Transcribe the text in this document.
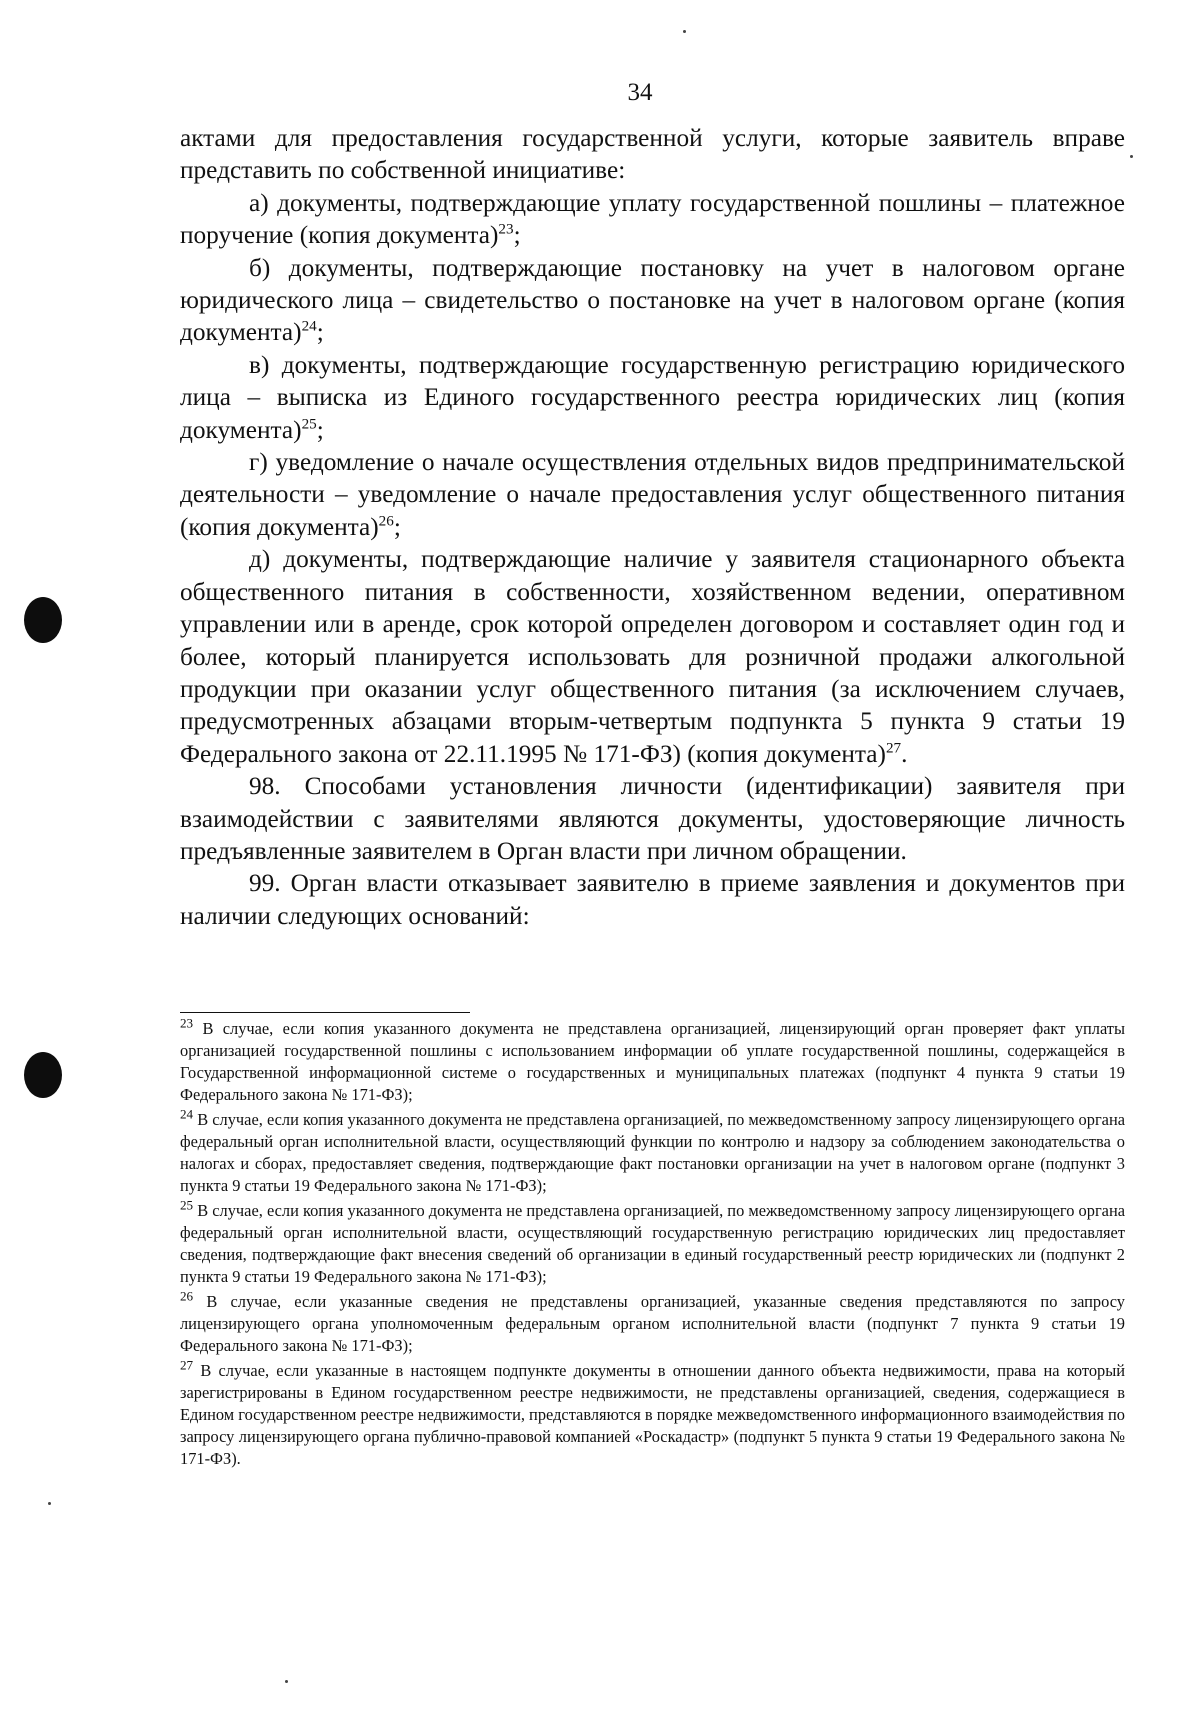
34

актами для предоставления государственной услуги, которые заявитель вправе представить по собственной инициативе:

а) документы, подтверждающие уплату государственной пошлины – платежное поручение (копия документа)$^{23}$;

б) документы, подтверждающие постановку на учет в налоговом органе юридического лица – свидетельство о постановке на учет в налоговом органе (копия документа)$^{24}$;

в) документы, подтверждающие государственную регистрацию юридического лица – выписка из Единого государственного реестра юридических лиц (копия документа)$^{25}$;

г) уведомление о начале осуществления отдельных видов предпринимательской деятельности – уведомление о начале предоставления услуг общественного питания (копия документа)$^{26}$;

д) документы, подтверждающие наличие у заявителя стационарного объекта общественного питания в собственности, хозяйственном ведении, оперативном управлении или в аренде, срок которой определен договором и составляет один год и более, который планируется использовать для розничной продажи алкогольной продукции при оказании услуг общественного питания (за исключением случаев, предусмотренных абзацами вторым-четвертым подпункта 5 пункта 9 статьи 19 Федерального закона от 22.11.1995 № 171-ФЗ) (копия документа)$^{27}$.

98. Способами установления личности (идентификации) заявителя при взаимодействии с заявителями являются документы, удостоверяющие личность предъявленные заявителем в Орган власти при личном обращении.

99. Орган власти отказывает заявителю в приеме заявления и документов при наличии следующих оснований:

$^{23}$ В случае, если копия указанного документа не представлена организацией, лицензирующий орган проверяет факт уплаты организацией государственной пошлины с использованием информации об уплате государственной пошлины, содержащейся в Государственной информационной системе о государственных и муниципальных платежах (подпункт 4 пункта 9 статьи 19 Федерального закона № 171-ФЗ);

$^{24}$ В случае, если копия указанного документа не представлена организацией, по межведомственному запросу лицензирующего органа федеральный орган исполнительной власти, осуществляющий функции по контролю и надзору за соблюдением законодательства о налогах и сборах, предоставляет сведения, подтверждающие факт постановки организации на учет в налоговом органе (подпункт 3 пункта 9 статьи 19 Федерального закона № 171-ФЗ);

$^{25}$ В случае, если копия указанного документа не представлена организацией, по межведомственному запросу лицензирующего органа федеральный орган исполнительной власти, осуществляющий государственную регистрацию юридических лиц предоставляет сведения, подтверждающие факт внесения сведений об организации в единый государственный реестр юридических ли (подпункт 2 пункта 9 статьи 19 Федерального закона № 171-ФЗ);

$^{26}$ В случае, если указанные сведения не представлены организацией, указанные сведения представляются по запросу лицензирующего органа уполномоченным федеральным органом исполнительной власти (подпункт 7 пункта 9 статьи 19 Федерального закона № 171-ФЗ);

$^{27}$ В случае, если указанные в настоящем подпункте документы в отношении данного объекта недвижимости, права на который зарегистрированы в Едином государственном реестре недвижимости, не представлены организацией, сведения, содержащиеся в Едином государственном реестре недвижимости, представляются в порядке межведомственного информационного взаимодействия по запросу лицензирующего органа публично-правовой компанией «Роскадастр» (подпункт 5 пункта 9 статьи 19 Федерального закона № 171-ФЗ).
